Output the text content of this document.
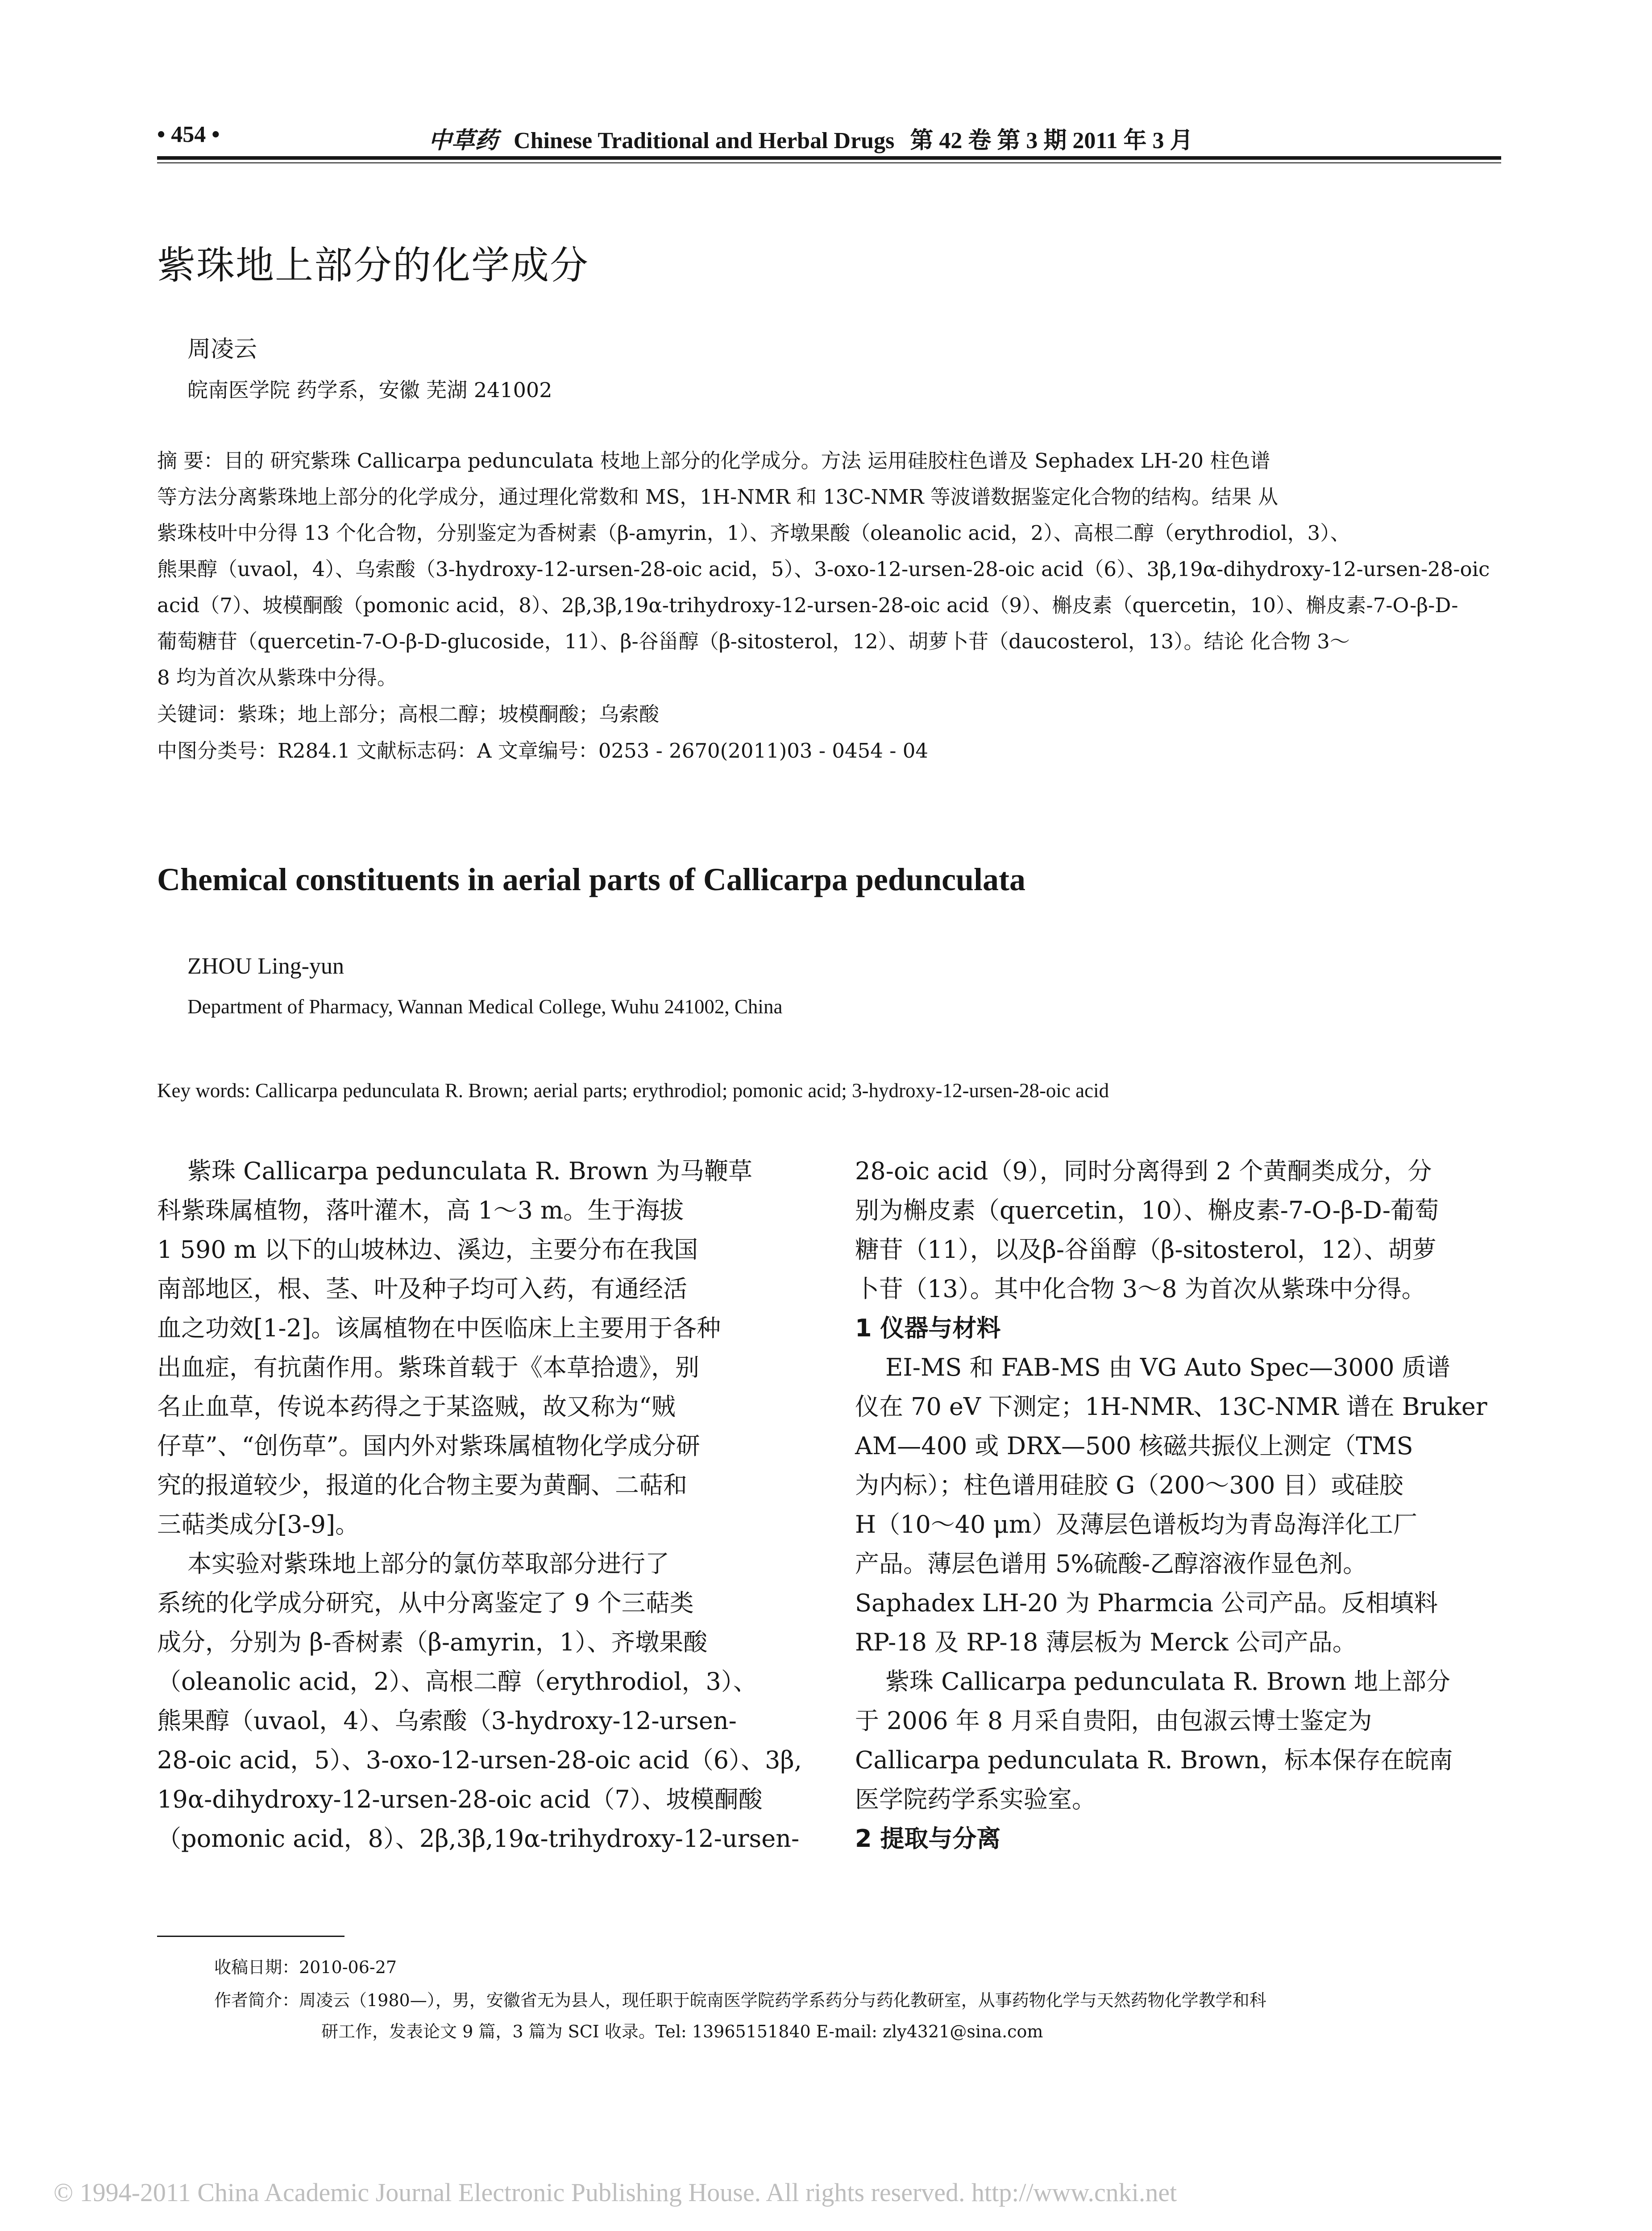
• 454 •	中草药 Chinese Traditional and Herbal Drugs 第 42 卷 第 3 期 2011 年 3 月
紫珠地上部分的化学成分
周凌云
皖南医学院 药学系，安徽 芜湖 241002
摘 要：目的 研究紫珠 Callicarpa pedunculata 枝地上部分的化学成分。方法 运用硅胶柱色谱及 Sephadex LH-20 柱色谱
等方法分离紫珠地上部分的化学成分，通过理化常数和 MS，1H-NMR 和 13C-NMR 等波谱数据鉴定化合物的结构。结果 从
紫珠枝叶中分得 13 个化合物，分别鉴定为香树素（β-amyrin，1）、齐墩果酸（oleanolic acid，2）、高根二醇（erythrodiol，3）、
熊果醇（uvaol，4）、乌索酸（3-hydroxy-12-ursen-28-oic acid，5）、3-oxo-12-ursen-28-oic acid（6）、3β,19α-dihydroxy-12-ursen-28-oic
acid（7）、坡模酮酸（pomonic acid，8）、2β,3β,19α-trihydroxy-12-ursen-28-oic acid（9）、槲皮素（quercetin，10）、槲皮素-7-O-β-D-
葡萄糖苷（quercetin-7-O-β-D-glucoside，11）、β-谷甾醇（β-sitosterol，12）、胡萝卜苷（daucosterol，13）。结论 化合物 3～
8 均为首次从紫珠中分得。
关键词：紫珠；地上部分；高根二醇；坡模酮酸；乌索酸
中图分类号：R284.1 文献标志码：A 文章编号：0253 - 2670(2011)03 - 0454 - 04
Chemical constituents in aerial parts of Callicarpa pedunculata
ZHOU Ling-yun
Department of Pharmacy, Wannan Medical College, Wuhu 241002, China
Key words: Callicarpa pedunculata R. Brown; aerial parts; erythrodiol; pomonic acid; 3-hydroxy-12-ursen-28-oic acid
紫珠 Callicarpa pedunculata R. Brown 为马鞭草
科紫珠属植物，落叶灌木，高 1～3 m。生于海拔
1 590 m 以下的山坡林边、溪边，主要分布在我国
南部地区，根、茎、叶及种子均可入药，有通经活
血之功效[1-2]。该属植物在中医临床上主要用于各种
出血症，有抗菌作用。紫珠首载于《本草拾遗》，别
名止血草，传说本药得之于某盗贼，故又称为“贼
仔草”、“创伤草”。国内外对紫珠属植物化学成分研
究的报道较少，报道的化合物主要为黄酮、二萜和
三萜类成分[3-9]。
本实验对紫珠地上部分的氯仿萃取部分进行了
系统的化学成分研究，从中分离鉴定了 9 个三萜类
成分，分别为 β-香树素（β-amyrin，1）、齐墩果酸
（oleanolic acid，2）、高根二醇（erythrodiol，3）、
熊果醇（uvaol，4）、乌索酸（3-hydroxy-12-ursen-
28-oic acid，5）、3-oxo-12-ursen-28-oic acid（6）、3β,
19α-dihydroxy-12-ursen-28-oic acid（7）、坡模酮酸
（pomonic acid，8）、2β,3β,19α-trihydroxy-12-ursen-
28-oic acid（9），同时分离得到 2 个黄酮类成分，分
别为槲皮素（quercetin，10）、槲皮素-7-O-β-D-葡萄
糖苷（11），以及β-谷甾醇（β-sitosterol，12）、胡萝
卜苷（13）。其中化合物 3～8 为首次从紫珠中分得。
1 仪器与材料
EI-MS 和 FAB-MS 由 VG Auto Spec—3000 质谱
仪在 70 eV 下测定；1H-NMR、13C-NMR 谱在 Bruker
AM—400 或 DRX—500 核磁共振仪上测定（TMS
为内标）；柱色谱用硅胶 G（200～300 目）或硅胶
H（10～40 μm）及薄层色谱板均为青岛海洋化工厂
产品。薄层色谱用 5%硫酸-乙醇溶液作显色剂。
Saphadex LH-20 为 Pharmcia 公司产品。反相填料
RP-18 及 RP-18 薄层板为 Merck 公司产品。
紫珠 Callicarpa pedunculata R. Brown 地上部分
于 2006 年 8 月采自贵阳，由包淑云博士鉴定为
Callicarpa pedunculata R. Brown，标本保存在皖南
医学院药学系实验室。
2 提取与分离
收稿日期：2010-06-27
作者简介：周凌云（1980—），男，安徽省无为县人，现任职于皖南医学院药学系药分与药化教研室，从事药物化学与天然药物化学教学和科
研工作，发表论文 9 篇，3 篇为 SCI 收录。Tel: 13965151840 E-mail: zly4321@sina.com
© 1994-2011 China Academic Journal Electronic Publishing House. All rights reserved. http://www.cnki.net
